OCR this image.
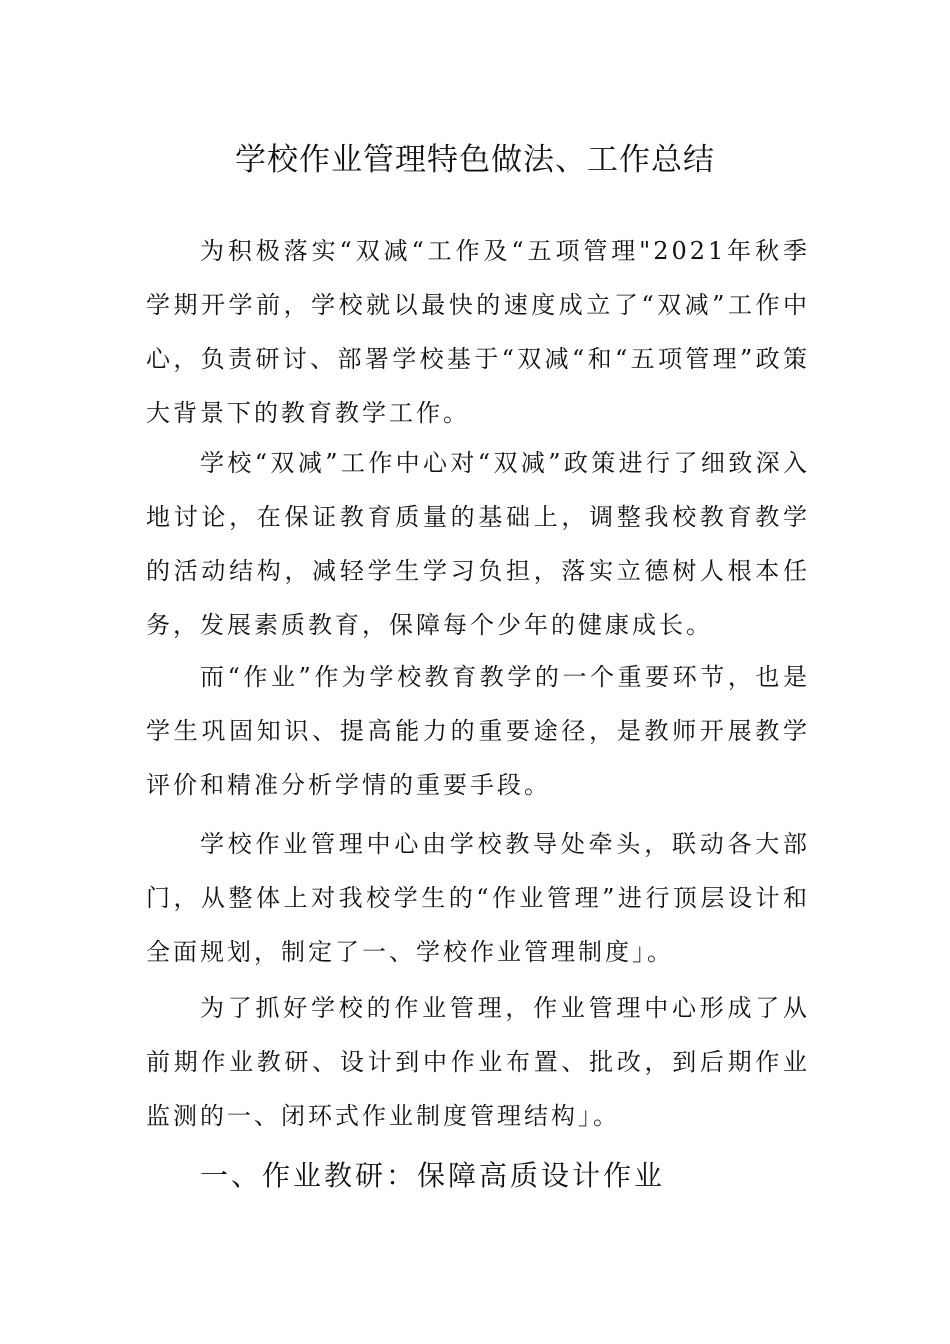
学校作业管理特色做法、工作总结

为积极落实“双减“工作及“五项管理"2021年秋季学期开学前，学校就以最快的速度成立了“双减”工作中心，负责研讨、部署学校基于“双减“和“五项管理”政策大背景下的教育教学工作。

学校“双减”工作中心对“双减”政策进行了细致深入地讨论，在保证教育质量的基础上，调整我校教育教学的活动结构，减轻学生学习负担，落实立德树人根本任务，发展素质教育，保障每个少年的健康成长。

而“作业”作为学校教育教学的一个重要环节，也是学生巩固知识、提高能力的重要途径，是教师开展教学评价和精准分析学情的重要手段。

学校作业管理中心由学校教导处牵头，联动各大部门，从整体上对我校学生的“作业管理”进行顶层设计和全面规划，制定了一、学校作业管理制度」。

为了抓好学校的作业管理，作业管理中心形成了从前期作业教研、设计到中作业布置、批改，到后期作业监测的一、闭环式作业制度管理结构」。

一、作业教研：保障高质设计作业
